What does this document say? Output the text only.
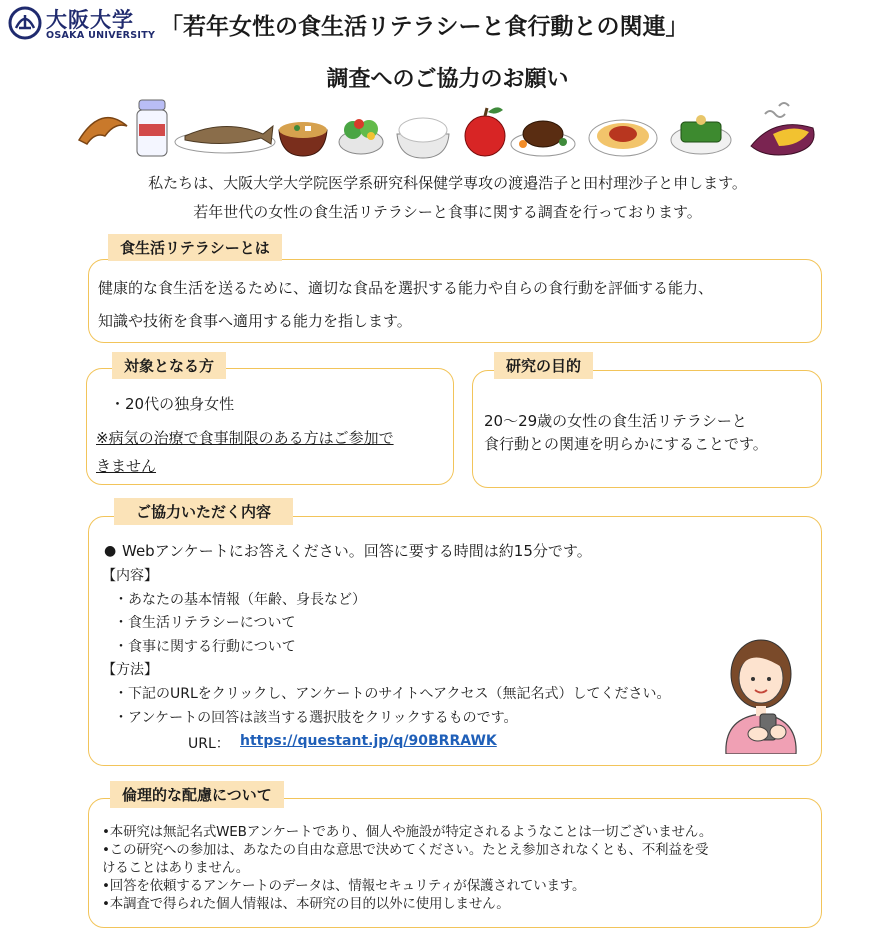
大阪大学
OSAKA UNIVERSITY 「若年女性の食生活リテラシーと食行動との関連」
調査へのご協力のお願い
私たちは、大阪大学大学院医学系研究科保健学専攻の渡邉浩子と田村理沙子と申します。
若年世代の女性の食生活リテラシーと食事に関する調査を行っております。
食生活リテラシーとは
健康的な食生活を送るために、適切な食品を選択する能力や自らの食行動を評価する能力、
知識や技術を食事へ適用する能力を指します。
対象となる方
・20代の独身女性
※病気の治療で食事制限のある方はご参加で
きません
研究の目的
20～29歳の女性の食生活リテラシーと
食行動との関連を明らかにすることです。
ご協力いただく内容
● Webアンケートにお答えください。回答に要する時間は約15分です。
【内容】
・あなたの基本情報（年齢、身長など）
・食生活リテラシーについて
・食事に関する行動について
【方法】
・下記のURLをクリックし、アンケートのサイトへアクセス（無記名式）してください。
・アンケートの回答は該当する選択肢をクリックするものです。
URL： https://questant.jp/q/90BRRAWK
倫理的な配慮について
•本研究は無記名式WEBアンケートであり、個人や施設が特定されるようなことは一切ございません。
•この研究への参加は、あなたの自由な意思で決めてください。たとえ参加されなくとも、不利益を受
けることはありません。
•回答を依頼するアンケートのデータは、情報セキュリティが保護されています。
•本調査で得られた個人情報は、本研究の目的以外に使用しません。
